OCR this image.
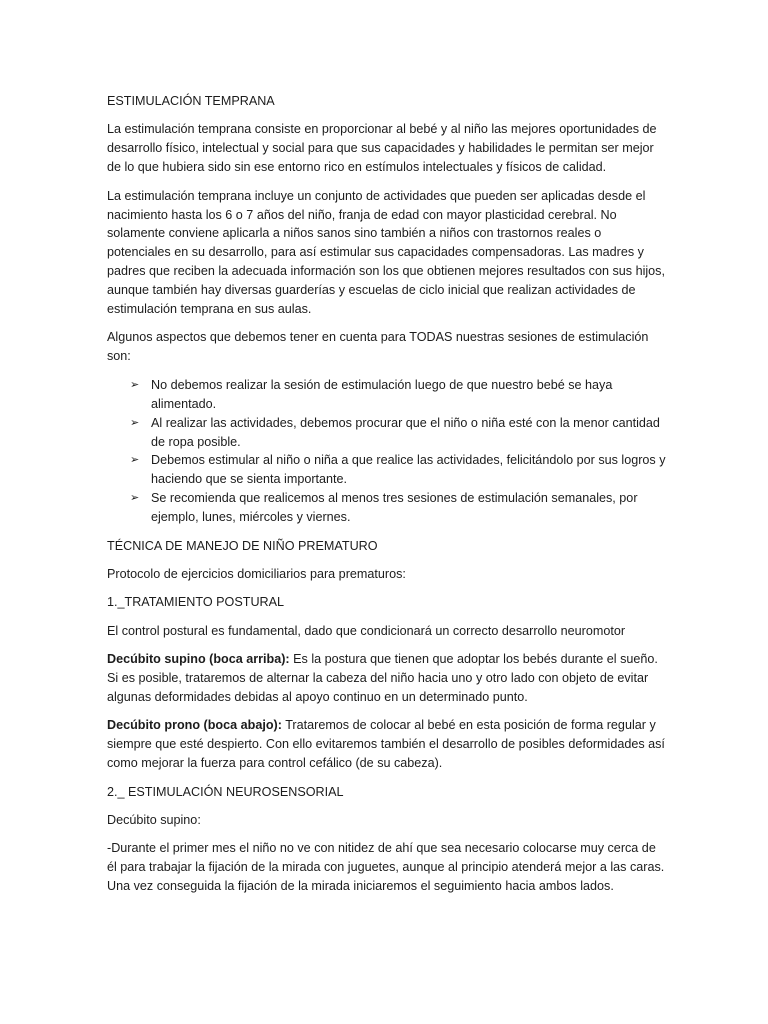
ESTIMULACIÓN TEMPRANA

La estimulación temprana consiste en proporcionar al bebé y al niño las mejores oportunidades de desarrollo físico, intelectual y social para que sus capacidades y habilidades le permitan ser mejor de lo que hubiera sido sin ese entorno rico en estímulos intelectuales y físicos de calidad.

La estimulación temprana incluye un conjunto de actividades que pueden ser aplicadas desde el nacimiento hasta los 6 o 7 años del niño, franja de edad con mayor plasticidad cerebral. No solamente conviene aplicarla a niños sanos sino también a niños con trastornos reales o potenciales en su desarrollo, para así estimular sus capacidades compensadoras. Las madres y padres que reciben la adecuada información son los que obtienen mejores resultados con sus hijos, aunque también hay diversas guarderías y escuelas de ciclo inicial que realizan actividades de estimulación temprana en sus aulas.

Algunos aspectos que debemos tener en cuenta para TODAS nuestras sesiones de estimulación son:

➢ No debemos realizar la sesión de estimulación luego de que nuestro bebé se haya alimentado.
➢ Al realizar las actividades, debemos procurar que el niño o niña esté con la menor cantidad de ropa posible.
➢ Debemos estimular al niño o niña a que realice las actividades, felicitándolo por sus logros y haciendo que se sienta importante.
➢ Se recomienda que realicemos al menos tres sesiones de estimulación semanales, por ejemplo, lunes, miércoles y viernes.

TÉCNICA DE MANEJO DE NIÑO PREMATURO

Protocolo de ejercicios domiciliarios para prematuros:

1._TRATAMIENTO POSTURAL

El control postural es fundamental, dado que condicionará un correcto desarrollo neuromotor

Decúbito supino (boca arriba): Es la postura que tienen que adoptar los bebés durante el sueño. Si es posible, trataremos de alternar la cabeza del niño hacia uno y otro lado con objeto de evitar algunas deformidades debidas al apoyo continuo en un determinado punto.

Decúbito prono (boca abajo): Trataremos de colocar al bebé en esta posición de forma regular y siempre que esté despierto. Con ello evitaremos también el desarrollo de posibles deformidades así como mejorar la fuerza para control cefálico (de su cabeza).

2._ ESTIMULACIÓN NEUROSENSORIAL

Decúbito supino:

-Durante el primer mes el niño no ve con nitidez de ahí que sea necesario colocarse muy cerca de él para trabajar la fijación de la mirada con juguetes, aunque al principio atenderá mejor a las caras. Una vez conseguida la fijación de la mirada iniciaremos el seguimiento hacia ambos lados.
